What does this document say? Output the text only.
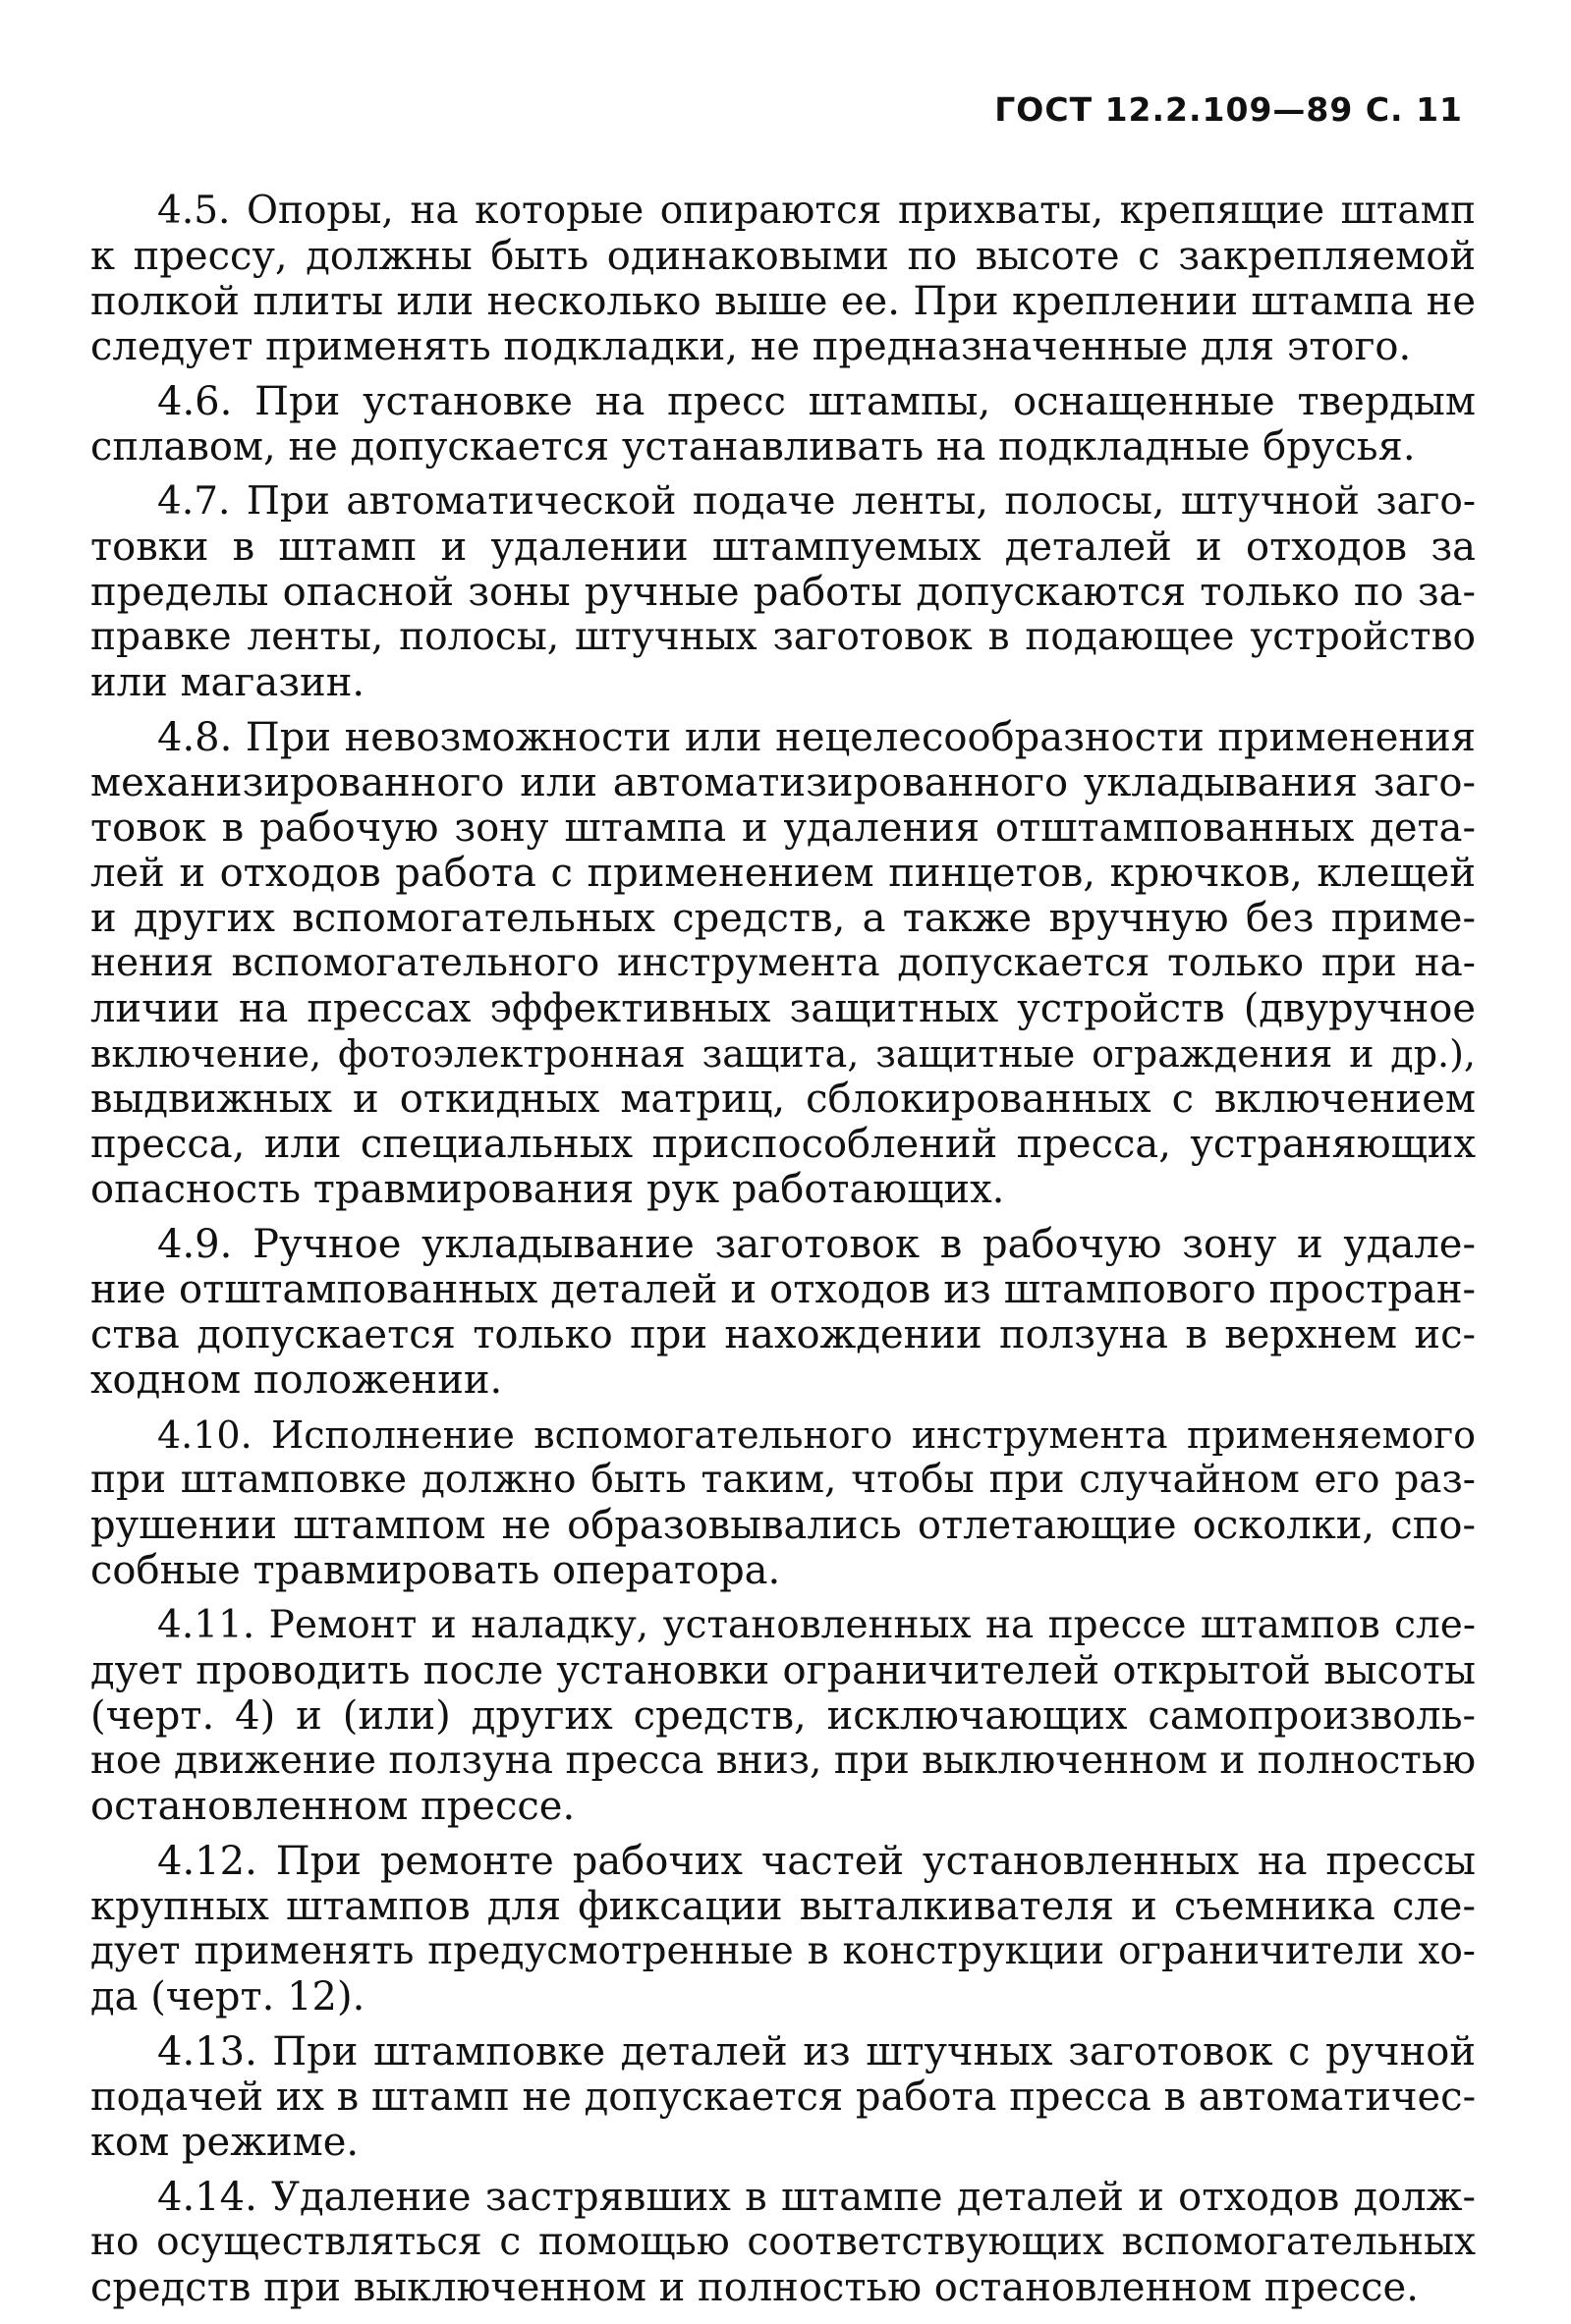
ГОСТ 12.2.109—89 С. 11
4.5. Опоры, на которые опираются прихваты, крепящие штамп
к прессу, должны быть одинаковыми по высоте с закрепляемой
полкой плиты или несколько выше ее. При креплении штампа не
следует применять подкладки, не предназначенные для этого.
4.6. При установке на пресс штампы, оснащенные твердым
сплавом, не допускается устанавливать на подкладные брусья.
4.7. При автоматической подаче ленты, полосы, штучной заго-
товки в штамп и удалении штампуемых деталей и отходов за
пределы опасной зоны ручные работы допускаются только по за-
правке ленты, полосы, штучных заготовок в подающее устройство
или магазин.
4.8. При невозможности или нецелесообразности применения
механизированного или автоматизированного укладывания заго-
товок в рабочую зону штампа и удаления отштампованных дета-
лей и отходов работа с применением пинцетов, крючков, клещей
и других вспомогательных средств, а также вручную без приме-
нения вспомогательного инструмента допускается только при на-
личии на прессах эффективных защитных устройств (двуручное
включение, фотоэлектронная защита, защитные ограждения и др.),
выдвижных и откидных матриц, сблокированных с включением
пресса, или специальных приспособлений пресса, устраняющих
опасность травмирования рук работающих.
4.9. Ручное укладывание заготовок в рабочую зону и удале-
ние отштампованных деталей и отходов из штампового простран-
ства допускается только при нахождении ползуна в верхнем ис-
ходном положении.
4.10. Исполнение вспомогательного инструмента применяемого
при штамповке должно быть таким, чтобы при случайном его раз-
рушении штампом не образовывались отлетающие осколки, спо-
собные травмировать оператора.
4.11. Ремонт и наладку, установленных на прессе штампов сле-
дует проводить после установки ограничителей открытой высоты
(черт. 4) и (или) других средств, исключающих самопроизволь-
ное движение ползуна пресса вниз, при выключенном и полностью
остановленном прессе.
4.12. При ремонте рабочих частей установленных на прессы
крупных штампов для фиксации выталкивателя и съемника сле-
дует применять предусмотренные в конструкции ограничители хо-
да (черт. 12).
4.13. При штамповке деталей из штучных заготовок с ручной
подачей их в штамп не допускается работа пресса в автоматичес-
ком режиме.
4.14. Удаление застрявших в штампе деталей и отходов долж-
но осуществляться с помощью соответствующих вспомогательных
средств при выключенном и полностью остановленном прессе.
